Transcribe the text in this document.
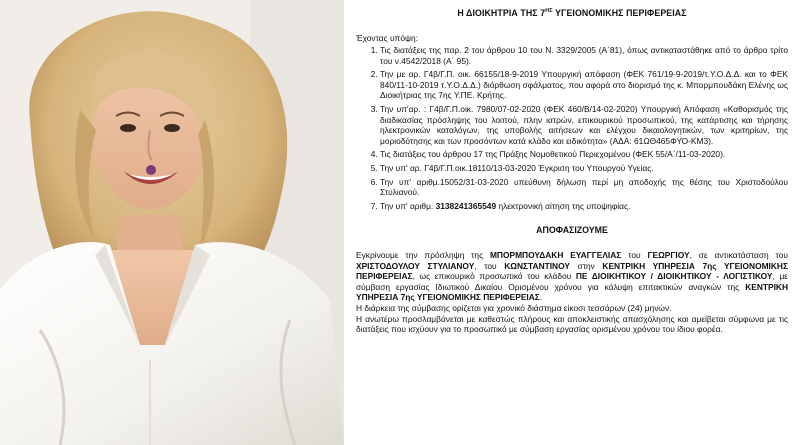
Η ΔΙΟΙΚΗΤΡΙΑ ΤΗΣ $7^{H\Sigma}$ ΥΓΕΙΟΝΟΜΙΚΗΣ ΠΕΡΙΦΕΡΕΙΑΣ
Έχοντας υπόψη:
1. Τις διατάξεις της παρ. 2 του άρθρου 10 του Ν. 3329/2005 (Α΄81), όπως αντικαταστάθηκε από το άρθρο τρίτο του ν.4542/2018 (Α΄ 95).
2. Την με αρ. Γ4β/Γ.Π. οικ. 66155/18-9-2019 Υπουργική απόφαση (ΦΕΚ 761/19-9-2019/τ.Υ.Ο.Δ.Δ. και το ΦΕΚ 840/11-10-2019 τ.Υ.Ο.Δ.Δ.) διόρθωση σφάλματος, που αφορά στο διορισμό της κ. Μπορμπουδάκη Ελένης ως Διοικήτριας της 7ης Υ.ΠΕ. Κρήτης.
3. Την υπ'αρ. : Γ4β/Γ.Π.οικ. 7980/07-02-2020 (ΦΕΚ 460/Β/14-02-2020) Υπουργική Απόφαση «Καθορισμός της διαδικασίας πρόσληψης του λοιπού, πλην ιατρών, επικουρικού προσωπικού, της κατάρτισης και τήρησης ηλεκτρονικών καταλόγων, της υποβολής αιτήσεων και ελέγχου δικαιολογητικών, των κριτηρίων, της μοριοδότησης και των προσόντων κατά κλάδο και ειδικότητα» (ΑΔΑ: 61ΩΘ465ΦΥΟ-ΚΜ3).
4. Τις διατάξεις του άρθρου 17 της Πράξης Νομοθετικού Περιεχομένου (ΦΕΚ 55/Α΄/11-03-2020).
5. Την υπ' αρ. Γ4β/Γ.Π.οικ.18110/13-03-2020 Έγκριση του Υπουργού Υγείας.
6. Την υπ' αριθμ.15052/31-03-2020 υπεύθυνη δήλωση περί μη αποδοχής της θέσης του Χριστοδούλου Στυλιανού.
7. Την υπ' αριθμ. 3138241365549 ηλεκτρονική αίτηση της υποψηφίας.
ΑΠΟΦΑΣΙΖΟΥΜΕ

Εγκρίνουμε την πρόσληψη της ΜΠΟΡΜΠΟΥΔΑΚΗ ΕΥΑΓΓΕΛΙΑΣ του ΓΕΩΡΓΙΟΥ, σε αντικατάσταση του ΧΡΙΣΤΟΔΟΥΛΟΥ ΣΤΥΛΙΑΝΟΥ, του ΚΩΝΣΤΑΝΤΙΝΟΥ στην ΚΕΝΤΡΙΚΗ ΥΠΗΡΕΣΙΑ 7ης ΥΓΕΙΟΝΟΜΙΚΗΣ ΠΕΡΙΦΕΡΕΙΑΣ, ως επικουρικό προσωπικό του κλάδου ΠΕ ΔΙΟΙΚΗΤΙΚΟΥ / ΔΙΟΙΚΗΤΙΚΟΥ - ΛΟΓΙΣΤΙΚΟΥ, με σύμβαση εργασίας Ιδιωτικού Δικαίου Ορισμένου χρόνου για κάλυψη επιτακτικών αναγκών της ΚΕΝΤΡΙΚΗ ΥΠΗΡΕΣΙΑ 7ης ΥΓΕΙΟΝΟΜΙΚΗΣ ΠΕΡΙΦΕΡΕΙΑΣ.

Η διάρκεια της σύμβασης ορίζεται για χρονικό διάστημα είκοσι τεσσάρων (24) μηνών.

Η ανωτέρω προσλαμβάνεται με καθεστώς πλήρους και αποκλειστικής απασχόλησης και αμείβεται σύμφωνα με τις διατάξεις που ισχύουν για το προσωπικό με σύμβαση εργασίας ορισμένου χρόνου του ίδιου φορέα.
